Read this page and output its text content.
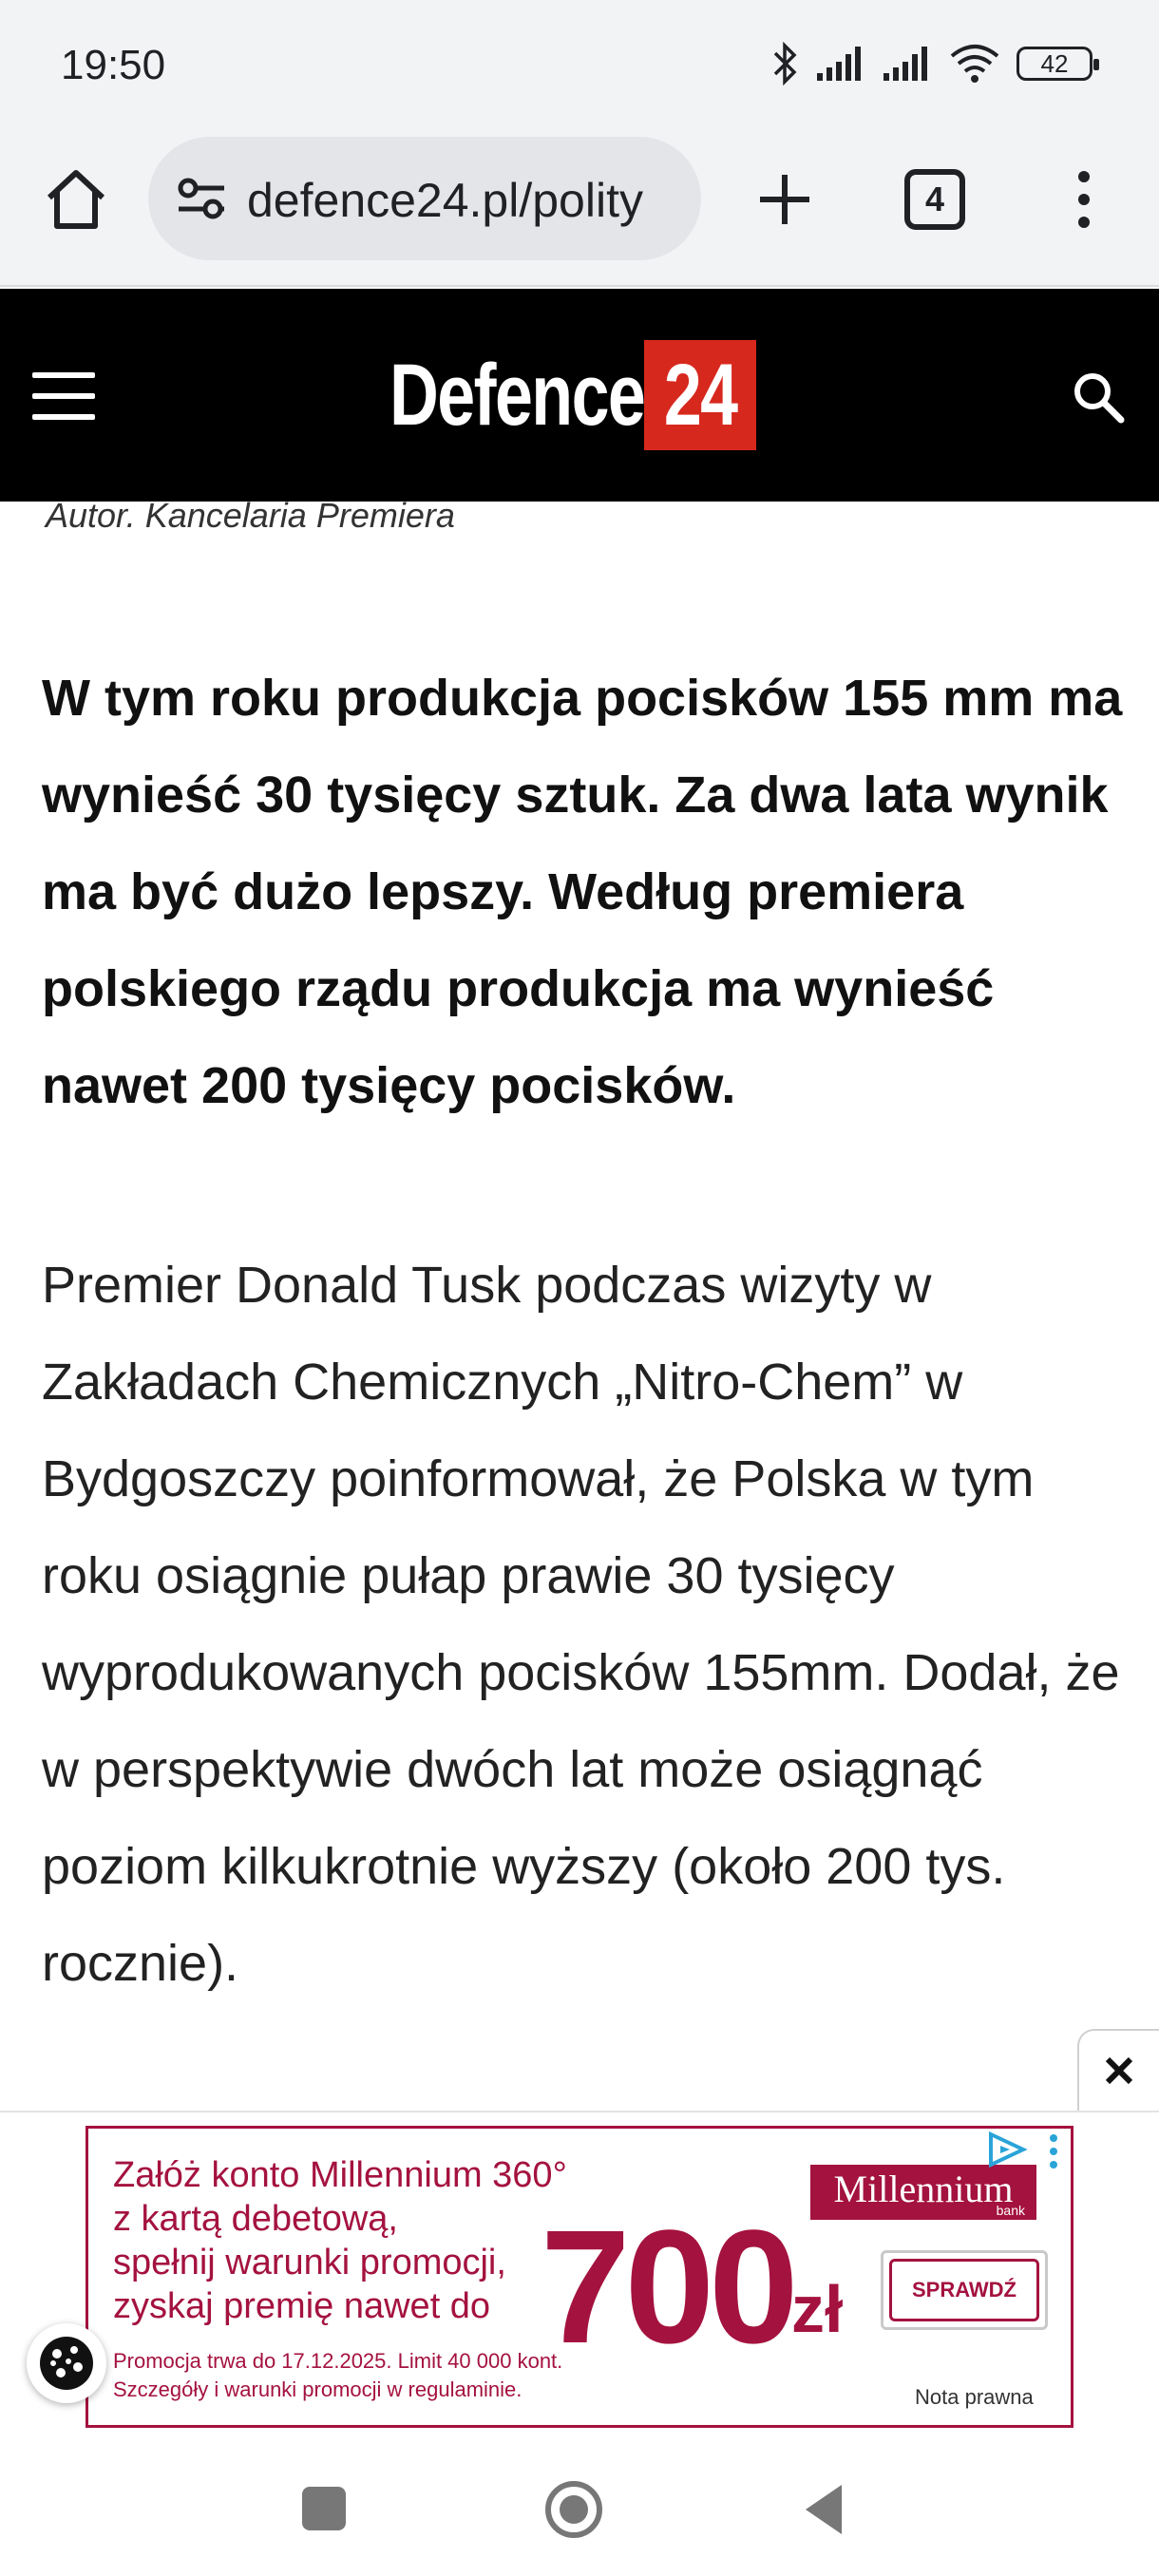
19:50	42
defence24.pl/polity	4
Defence 24
Autor. Kancelaria Premiera

W tym roku produkcja pocisków 155 mm ma wynieść 30 tysięcy sztuk. Za dwa lata wynik ma być dużo lepszy. Według premiera polskiego rządu produkcja ma wynieść nawet 200 tysięcy pocisków.

Premier Donald Tusk podczas wizyty w Zakładach Chemicznych „Nitro-Chem” w Bydgoszczy poinformował, że Polska w tym roku osiągnie pułap prawie 30 tysięcy wyprodukowanych pocisków 155mm. Dodał, że w perspektywie dwóch lat może osiągnąć poziom kilkukrotnie wyższy (około 200 tys. rocznie).

Załóż konto Millennium 360°
z kartą debetową,
spełnij warunki promocji,
zyskaj premię nawet do 700
zł
Millennium
bank
SPRAWDŹ
Promocja trwa do 17.12.2025. Limit 40 000 kont.
Szczegóły i warunki promocji w regulaminie.	Nota prawna
